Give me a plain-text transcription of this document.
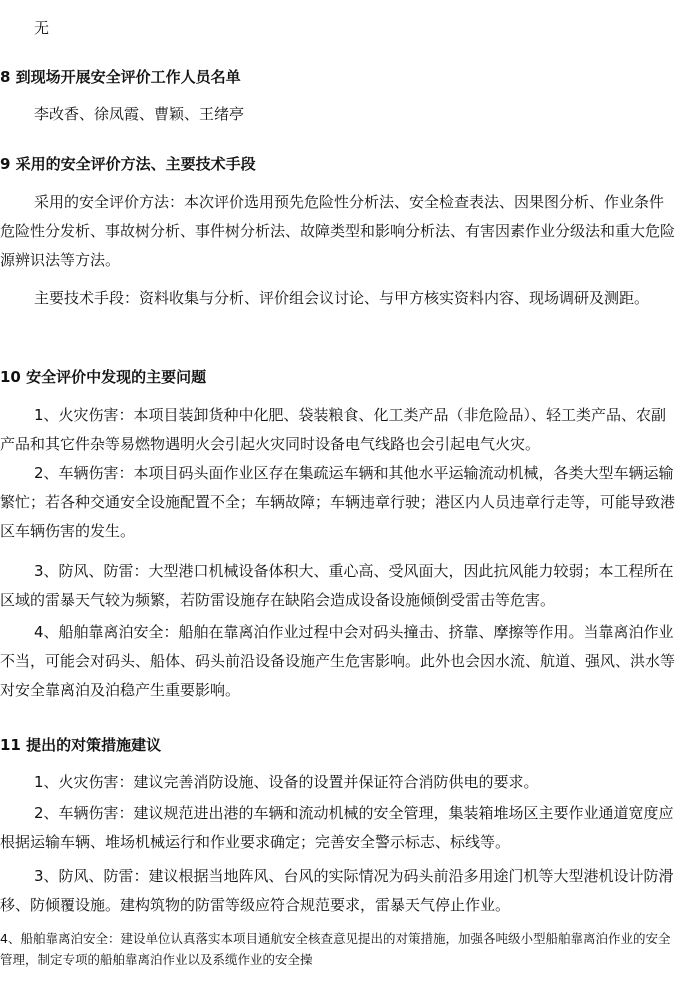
无

8 到现场开展安全评价工作人员名单

李改香、徐凤霞、曹颖、王绪亭

9 采用的安全评价方法、主要技术手段

采用的安全评价方法：本次评价选用预先危险性分析法、安全检查表法、因果图分析、作业条件危险性分发析、事故树分析、事件树分析法、故障类型和影响分析法、有害因素作业分级法和重大危险源辨识法等方法。

主要技术手段：资料收集与分析、评价组会议讨论、与甲方核实资料内容、现场调研及测距。

10 安全评价中发现的主要问题

1、火灾伤害：本项目装卸货种中化肥、袋装粮食、化工类产品（非危险品）、轻工类产品、农副产品和其它件杂等易燃物遇明火会引起火灾同时设备电气线路也会引起电气火灾。

2、车辆伤害：本项目码头面作业区存在集疏运车辆和其他水平运输流动机械，各类大型车辆运输繁忙；若各种交通安全设施配置不全；车辆故障；车辆违章行驶；港区内人员违章行走等，可能导致港区车辆伤害的发生。

3、防风、防雷：大型港口机械设备体积大、重心高、受风面大，因此抗风能力较弱；本工程所在区域的雷暴天气较为频繁，若防雷设施存在缺陷会造成设备设施倾倒受雷击等危害。

4、船舶靠离泊安全：船舶在靠离泊作业过程中会对码头撞击、挤靠、摩擦等作用。当靠离泊作业不当，可能会对码头、船体、码头前沿设备设施产生危害影响。此外也会因水流、航道、强风、洪水等对安全靠离泊及泊稳产生重要影响。

11 提出的对策措施建议

1、火灾伤害：建议完善消防设施、设备的设置并保证符合消防供电的要求。

2、车辆伤害：建议规范进出港的车辆和流动机械的安全管理，集装箱堆场区主要作业通道宽度应根据运输车辆、堆场机械运行和作业要求确定；完善安全警示标志、标线等。

3、防风、防雷：建议根据当地阵风、台风的实际情况为码头前沿多用途门机等大型港机设计防滑移、防倾覆设施。建构筑物的防雷等级应符合规范要求，雷暴天气停止作业。

4、船舶靠离泊安全：建设单位认真落实本项目通航安全核查意见提出的对策措施，加强各吨级小型船舶靠离泊作业的安全管理，制定专项的船舶靠离泊作业以及系缆作业的安全操
